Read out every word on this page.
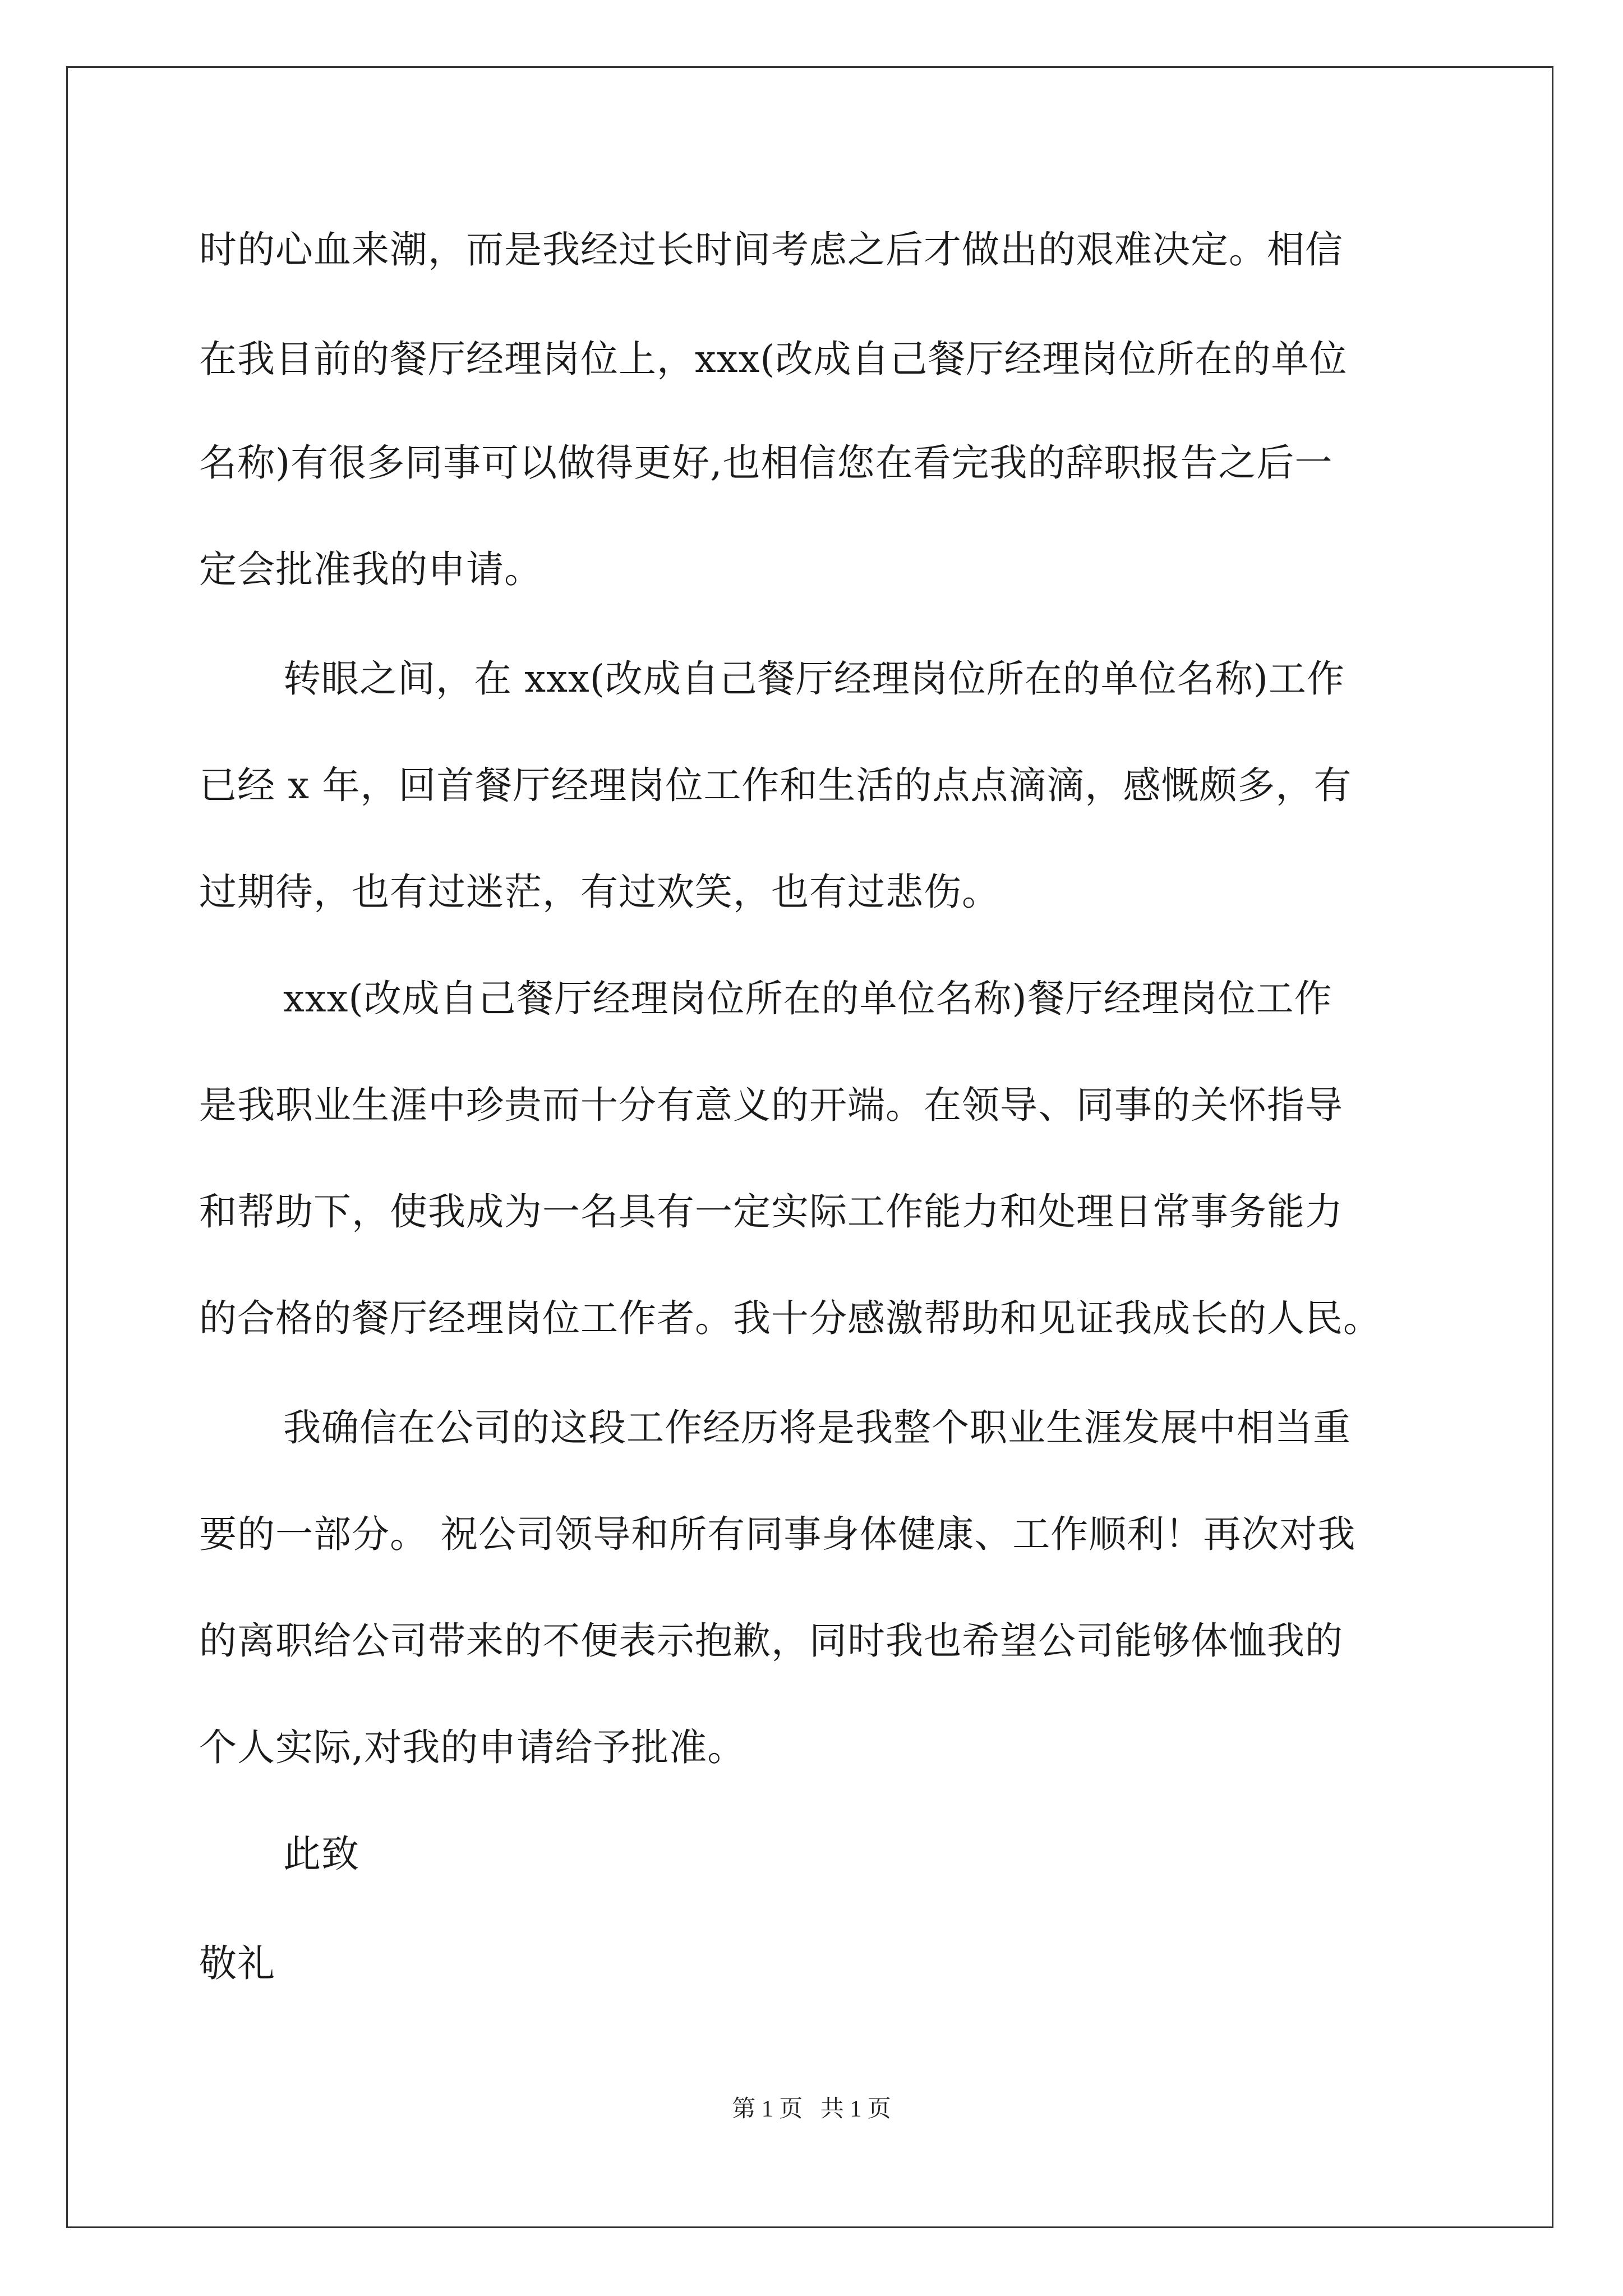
时的心血来潮，而是我经过长时间考虑之后才做出的艰难决定。相信
在我目前的餐厅经理岗位上，xxx(改成自己餐厅经理岗位所在的单位
名称)有很多同事可以做得更好,也相信您在看完我的辞职报告之后一
定会批准我的申请。
转眼之间，在 xxx(改成自己餐厅经理岗位所在的单位名称)工作
已经 x 年，回首餐厅经理岗位工作和生活的点点滴滴，感慨颇多，有
过期待，也有过迷茫，有过欢笑，也有过悲伤。
xxx(改成自己餐厅经理岗位所在的单位名称)餐厅经理岗位工作
是我职业生涯中珍贵而十分有意义的开端。在领导、同事的关怀指导
和帮助下，使我成为一名具有一定实际工作能力和处理日常事务能力
的合格的餐厅经理岗位工作者。我十分感激帮助和见证我成长的人民。
我确信在公司的这段工作经历将是我整个职业生涯发展中相当重
要的一部分。 祝公司领导和所有同事身体健康、工作顺利！再次对我
的离职给公司带来的不便表示抱歉，同时我也希望公司能够体恤我的
个人实际,对我的申请给予批准。
此致
敬礼
第 1 页   共 1 页
